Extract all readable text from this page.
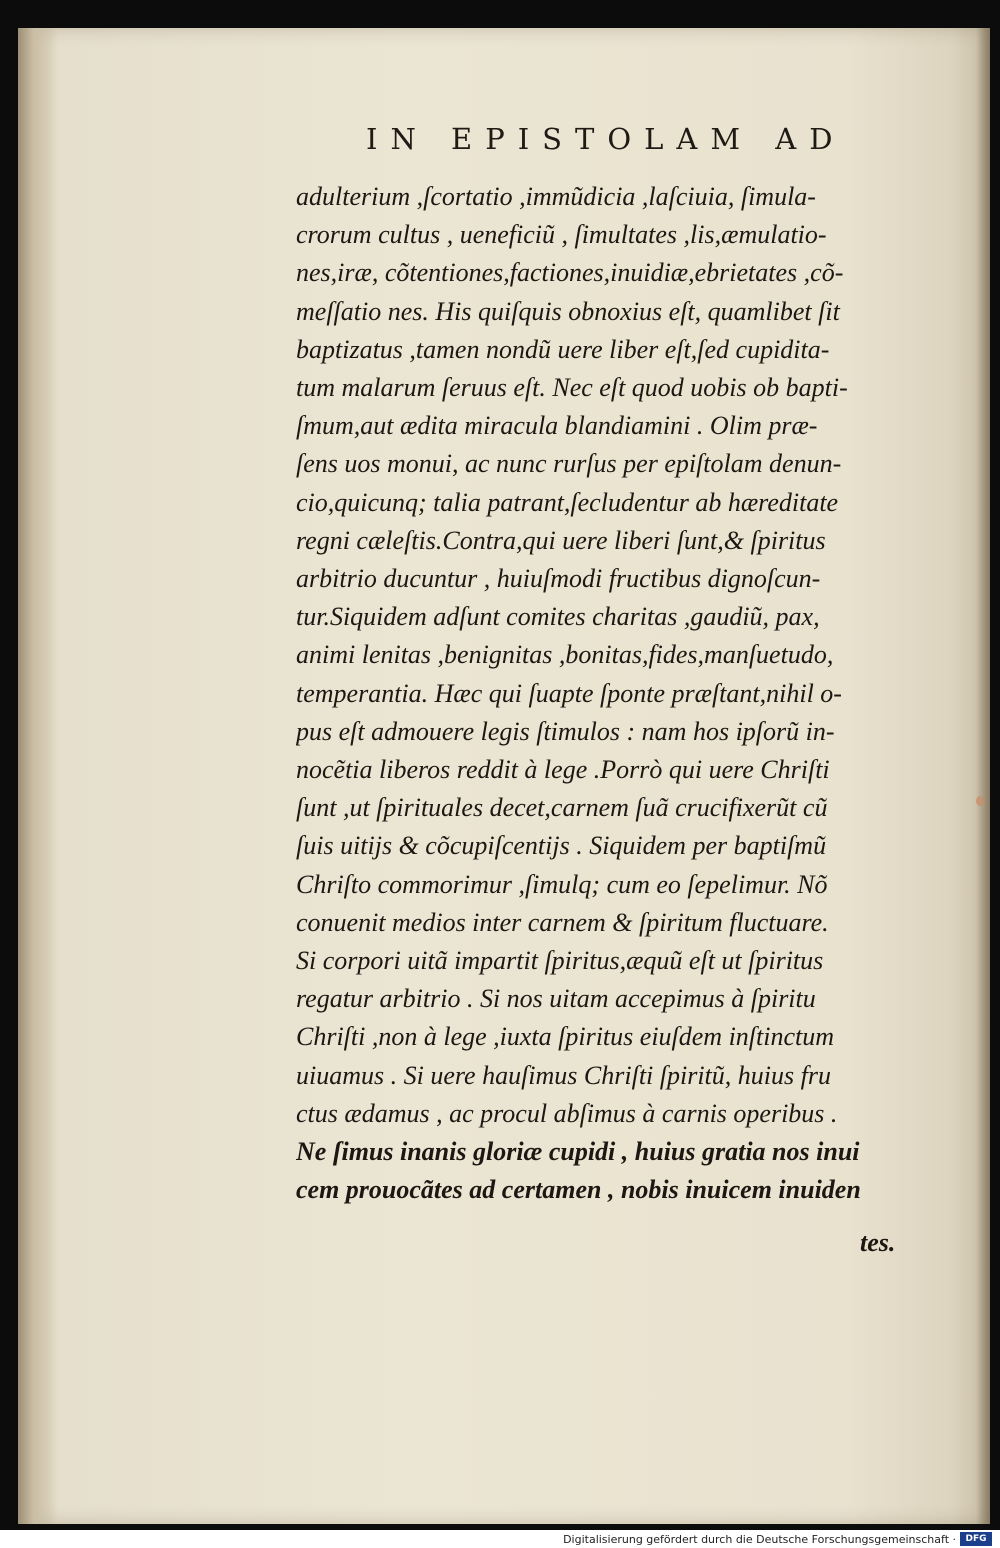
IN EPISTOLAM AD
adulterium ,ſcortatio ,immũdicia ,laſciuia, ſimula-
crorum cultus , ueneficiũ , ſimultates ,lis,æmulatio-
nes,iræ, cõtentiones,factiones,inuidiæ,ebrietates ,cõ-
meſſatio nes. His quiſquis obnoxius eſt, quamlibet ſit
baptizatus ,tamen nondũ uere liber eſt,ſed cupidita-
tum malarum ſeruus eſt. Nec eſt quod uobis ob bapti-
ſmum,aut ædita miracula blandiamini . Olim præ-
ſens uos monui, ac nunc rurſus per epiſtolam denun-
cio,quicunq; talia patrant,ſecludentur ab hæreditate
regni cæleſtis.Contra,qui uere liberi ſunt,& ſpiritus
arbitrio ducuntur , huiuſmodi fructibus dignoſcun-
tur.Siquidem adſunt comites charitas ,gaudiũ, pax,
animi lenitas ,benignitas ,bonitas,fides,manſuetudo,
temperantia. Hæc qui ſuapte ſponte præſtant,nihil o-
pus eſt admouere legis ſtimulos : nam hos ipſorũ in-
nocẽtia liberos reddit à lege .Porrò qui uere Chriſti
ſunt ,ut ſpirituales decet,carnem ſuã crucifixerũt cũ
ſuis uitijs & cõcupiſcentijs . Siquidem per baptiſmũ
Chriſto commorimur ,ſimulq; cum eo ſepelimur. Nõ
conuenit medios inter carnem & ſpiritum fluctuare.
Si corpori uitã impartit ſpiritus,æquũ eſt ut ſpiritus
regatur arbitrio . Si nos uitam accepimus à ſpiritu
Chriſti ,non à lege ,iuxta ſpiritus eiuſdem inſtinctum
uiuamus . Si uere hauſimus Chriſti ſpiritũ, huius fru
ctus ædamus , ac procul abſimus à carnis operibus .
Ne ſimus inanis gloriæ cupidi , huius gratia nos inui
cem prouocãtes ad certamen , nobis inuicem inuiden
tes.
Digitalisierung gefördert durch die Deutsche Forschungsgemeinschaft ·	DFG
